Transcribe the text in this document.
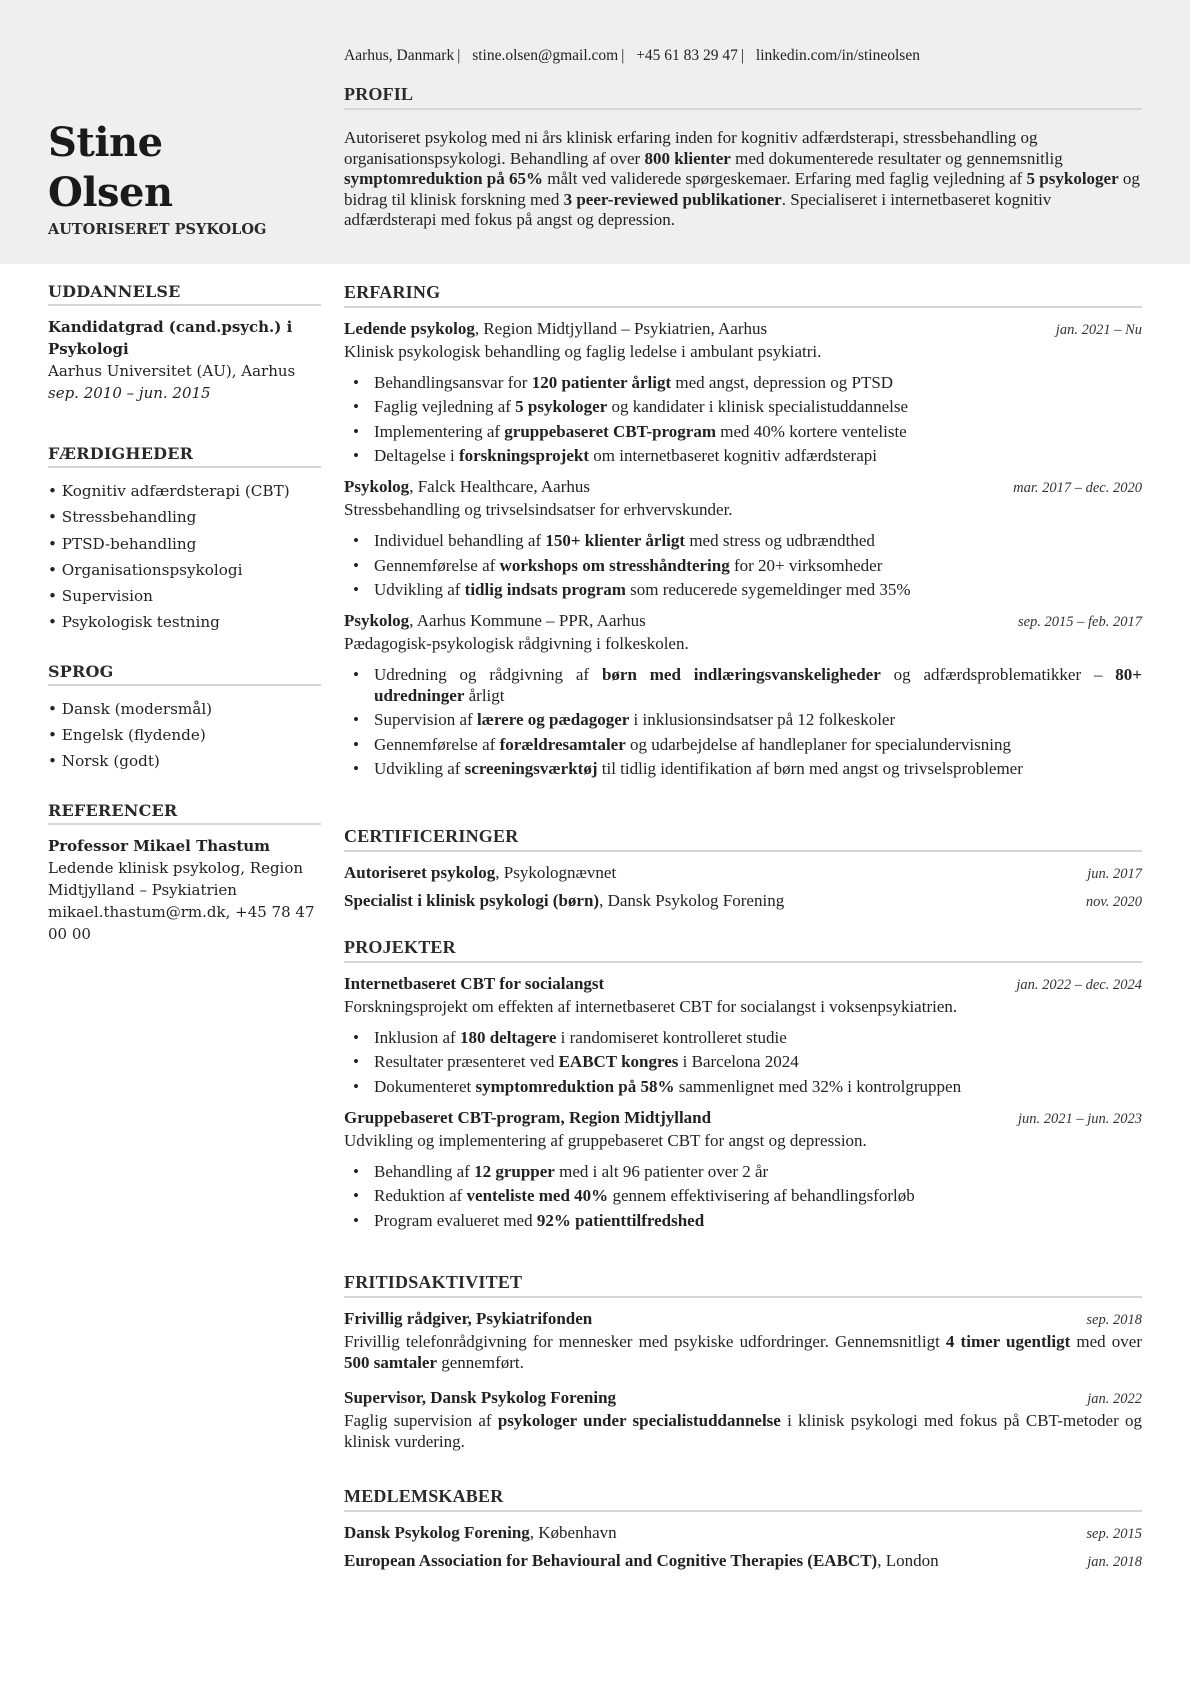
Stine
Olsen
AUTORISERET PSYKOLOG
Aarhus, Danmark | stine.olsen@gmail.com | +45 61 83 29 47 | linkedin.com/in/stineolsen
PROFIL
Autoriseret psykolog med ni års klinisk erfaring inden for kognitiv adfærdsterapi, stressbehandling og organisationspsykologi. Behandling af over 800 klienter med dokumenterede resultater og gennemsnitlig symptomreduktion på 65% målt ved validerede spørgeskemaer. Erfaring med faglig vejledning af 5 psykologer og bidrag til klinisk forskning med 3 peer-reviewed publikationer. Specialiseret i internetbaseret kognitiv adfærdsterapi med fokus på angst og depression.
UDDANNELSE
Kandidatgrad (cand.psych.) i Psykologi
Aarhus Universitet (AU), Aarhus
sep. 2010 – jun. 2015
FÆRDIGHEDER
• Kognitiv adfærdsterapi (CBT)
• Stressbehandling
• PTSD-behandling
• Organisationspsykologi
• Supervision
• Psykologisk testning
SPROG
• Dansk (modersmål)
• Engelsk (flydende)
• Norsk (godt)
REFERENCER
Professor Mikael Thastum
Ledende klinisk psykolog, Region Midtjylland – Psykiatrien
mikael.thastum@rm.dk, +45 78 47 00 00
ERFARING
Ledende psykolog, Region Midtjylland – Psykiatrien, Aarhus	jan. 2021 – Nu
Klinisk psykologisk behandling og faglig ledelse i ambulant psykiatri.
• Behandlingsansvar for 120 patienter årligt med angst, depression og PTSD
• Faglig vejledning af 5 psykologer og kandidater i klinisk specialistuddannelse
• Implementering af gruppebaseret CBT-program med 40% kortere venteliste
• Deltagelse i forskningsprojekt om internetbaseret kognitiv adfærdsterapi
Psykolog, Falck Healthcare, Aarhus	mar. 2017 – dec. 2020
Stressbehandling og trivselsindsatser for erhvervskunder.
• Individuel behandling af 150+ klienter årligt med stress og udbrændthed
• Gennemførelse af workshops om stresshåndtering for 20+ virksomheder
• Udvikling af tidlig indsats program som reducerede sygemeldinger med 35%
Psykolog, Aarhus Kommune – PPR, Aarhus	sep. 2015 – feb. 2017
Pædagogisk-psykologisk rådgivning i folkeskolen.
• Udredning og rådgivning af børn med indlæringsvanskeligheder og adfærdsproblematikker – 80+ udredninger årligt
• Supervision af lærere og pædagoger i inklusionsindsatser på 12 folkeskoler
• Gennemførelse af forældresamtaler og udarbejdelse af handleplaner for specialundervisning
• Udvikling af screeningsværktøj til tidlig identifikation af børn med angst og trivselsproblemer
CERTIFICERINGER
Autoriseret psykolog, Psykolognævnet	jun. 2017
Specialist i klinisk psykologi (børn), Dansk Psykolog Forening	nov. 2020
PROJEKTER
Internetbaseret CBT for socialangst	jan. 2022 – dec. 2024
Forskningsprojekt om effekten af internetbaseret CBT for socialangst i voksenpsykiatrien.
• Inklusion af 180 deltagere i randomiseret kontrolleret studie
• Resultater præsenteret ved EABCT kongres i Barcelona 2024
• Dokumenteret symptomreduktion på 58% sammenlignet med 32% i kontrolgruppen
Gruppebaseret CBT-program, Region Midtjylland	jun. 2021 – jun. 2023
Udvikling og implementering af gruppebaseret CBT for angst og depression.
• Behandling af 12 grupper med i alt 96 patienter over 2 år
• Reduktion af venteliste med 40% gennem effektivisering af behandlingsforløb
• Program evalueret med 92% patienttilfredshed
FRITIDSAKTIVITET
Frivillig rådgiver, Psykiatrifonden	sep. 2018
Frivillig telefonrådgivning for mennesker med psykiske udfordringer. Gennemsnitligt 4 timer ugentligt med over 500 samtaler gennemført.
Supervisor, Dansk Psykolog Forening	jan. 2022
Faglig supervision af psykologer under specialistuddannelse i klinisk psykologi med fokus på CBT-metoder og klinisk vurdering.
MEDLEMSKABER
Dansk Psykolog Forening, København	sep. 2015
European Association for Behavioural and Cognitive Therapies (EABCT), London	jan. 2018
